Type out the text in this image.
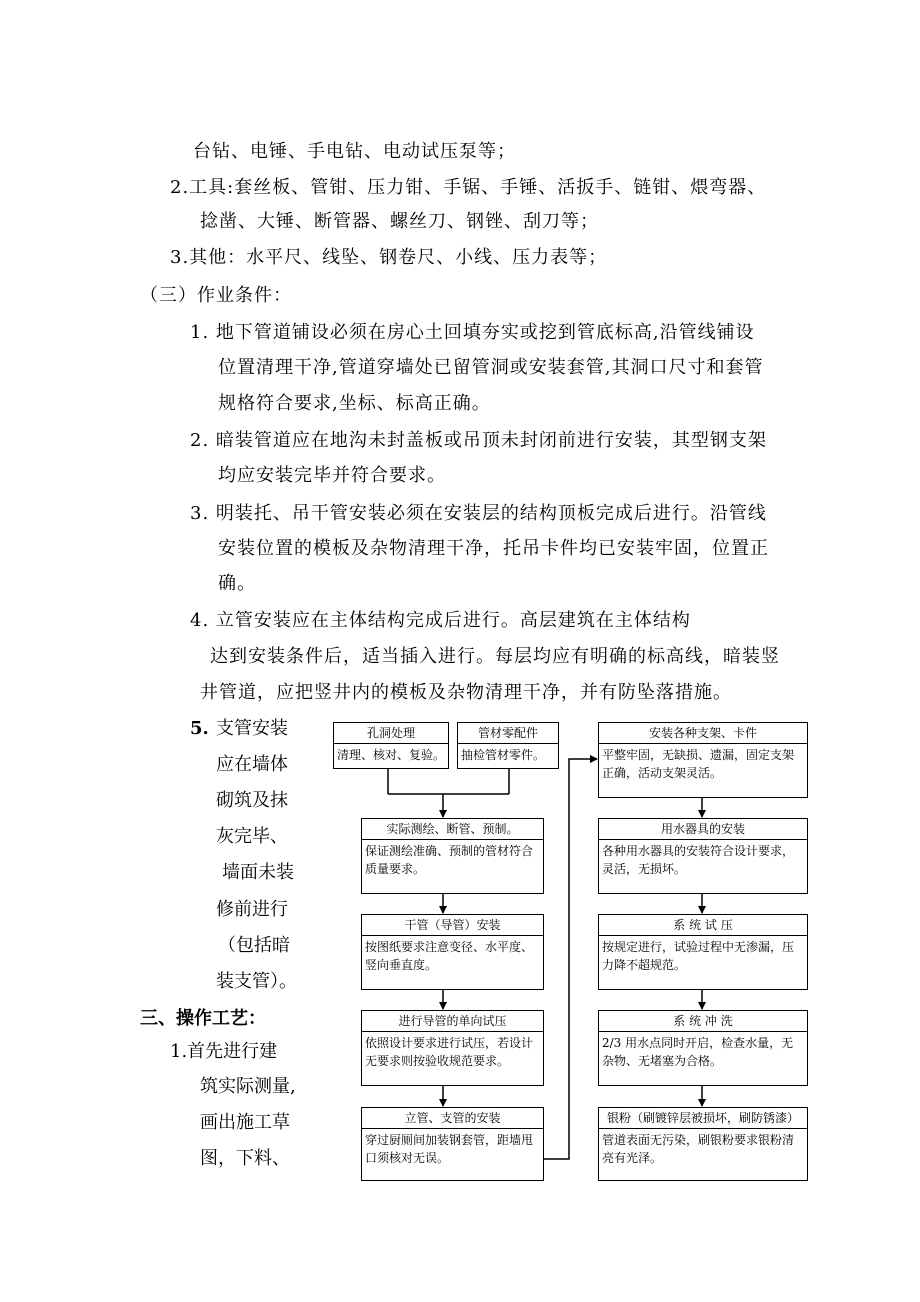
台钻、电锤、手电钻、电动试压泵等；
2.工具:套丝板、管钳、压力钳、手锯、手锤、活扳手、链钳、煨弯器、
捻凿、大锤、断管器、螺丝刀、钢锉、刮刀等；
3.其他：水平尺、线坠、钢卷尺、小线、压力表等；
（三）作业条件：
1. 地下管道铺设必须在房心土回填夯实或挖到管底标高,沿管线铺设
位置清理干净,管道穿墙处已留管洞或安装套管,其洞口尺寸和套管
规格符合要求,坐标、标高正确。
2. 暗装管道应在地沟未封盖板或吊顶未封闭前进行安装，其型钢支架
均应安装完毕并符合要求。
3. 明装托、吊干管安装必须在安装层的结构顶板完成后进行。沿管线
安装位置的模板及杂物清理干净，托吊卡件均已安装牢固，位置正
确。
4. 立管安装应在主体结构完成后进行。高层建筑在主体结构
达到安装条件后，适当插入进行。每层均应有明确的标高线，暗装竖
井管道，应把竖井内的模板及杂物清理干净，并有防坠落措施。
5. 支管安装
应在墙体
砌筑及抹
灰完毕、
墙面未装
修前进行
（包括暗
装支管）。
三、操作工艺：
1.首先进行建
筑实际测量,
画出施工草
图，下料、
孔洞处理
清理、核对、复验。
管材零配件
抽检管材零件。
实际测绘、断管、预制。
保证测绘准确、预制的管材符合质量要求。
干管（导管）安装
按图纸要求注意变径、水平度、竖向垂直度。
进行导管的单向试压
依照设计要求进行试压，若设计无要求则按验收规范要求。
立管、支管的安装
穿过厨厕间加装钢套管，距墙甩口须核对无误。
安装各种支架、卡件
平整牢固，无缺损、遗漏，固定支架正确，活动支架灵活。
用水器具的安装
各种用水器具的安装符合设计要求，灵活，无损坏。
系 统 试 压
按规定进行，试验过程中无渗漏，压力降不超规范。
系 统 冲 洗
2/3 用水点同时开启，检查水量，无杂物、无堵塞为合格。
银粉（刷镀锌层被损坏，刷防锈漆）
管道表面无污染，刷银粉要求银粉清亮有光泽。
